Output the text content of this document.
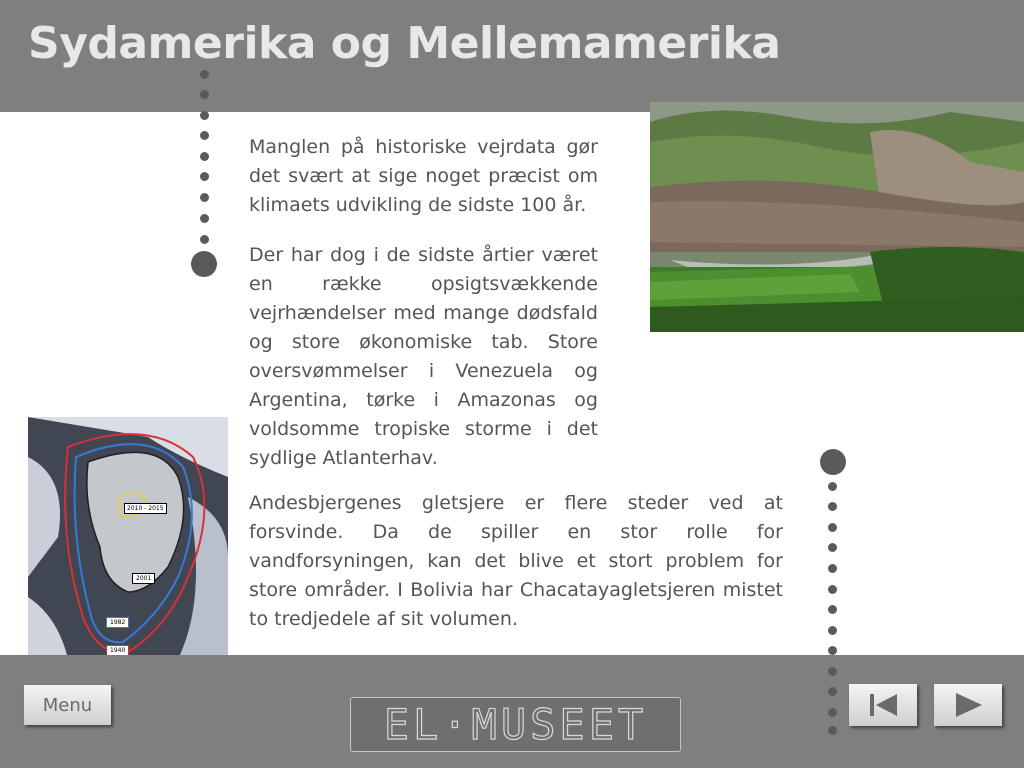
Sydamerika og Mellemamerika

Manglen på historiske vejrdata gør det svært at sige noget præcist om klimaets udvikling de sidste 100 år.

Der har dog i de sidste årtier været en række opsigtsvækkende vejrhændelser med mange dødsfald og store økonomiske tab. Store oversvømmelser i Venezuela og Argentina, tørke i Amazonas og voldsomme tropiske storme i det sydlige Atlanterhav.

Andesbjergenes gletsjere er flere steder ved at forsvinde. Da de spiller en stor rolle for vandforsyningen, kan det blive et stort problem for store områder. I Bolivia har Chacatayagletsjeren mistet to tredjedele af sit volumen.

2010 - 2015
2001
1982
1940
Menu	EL·MUSEET
